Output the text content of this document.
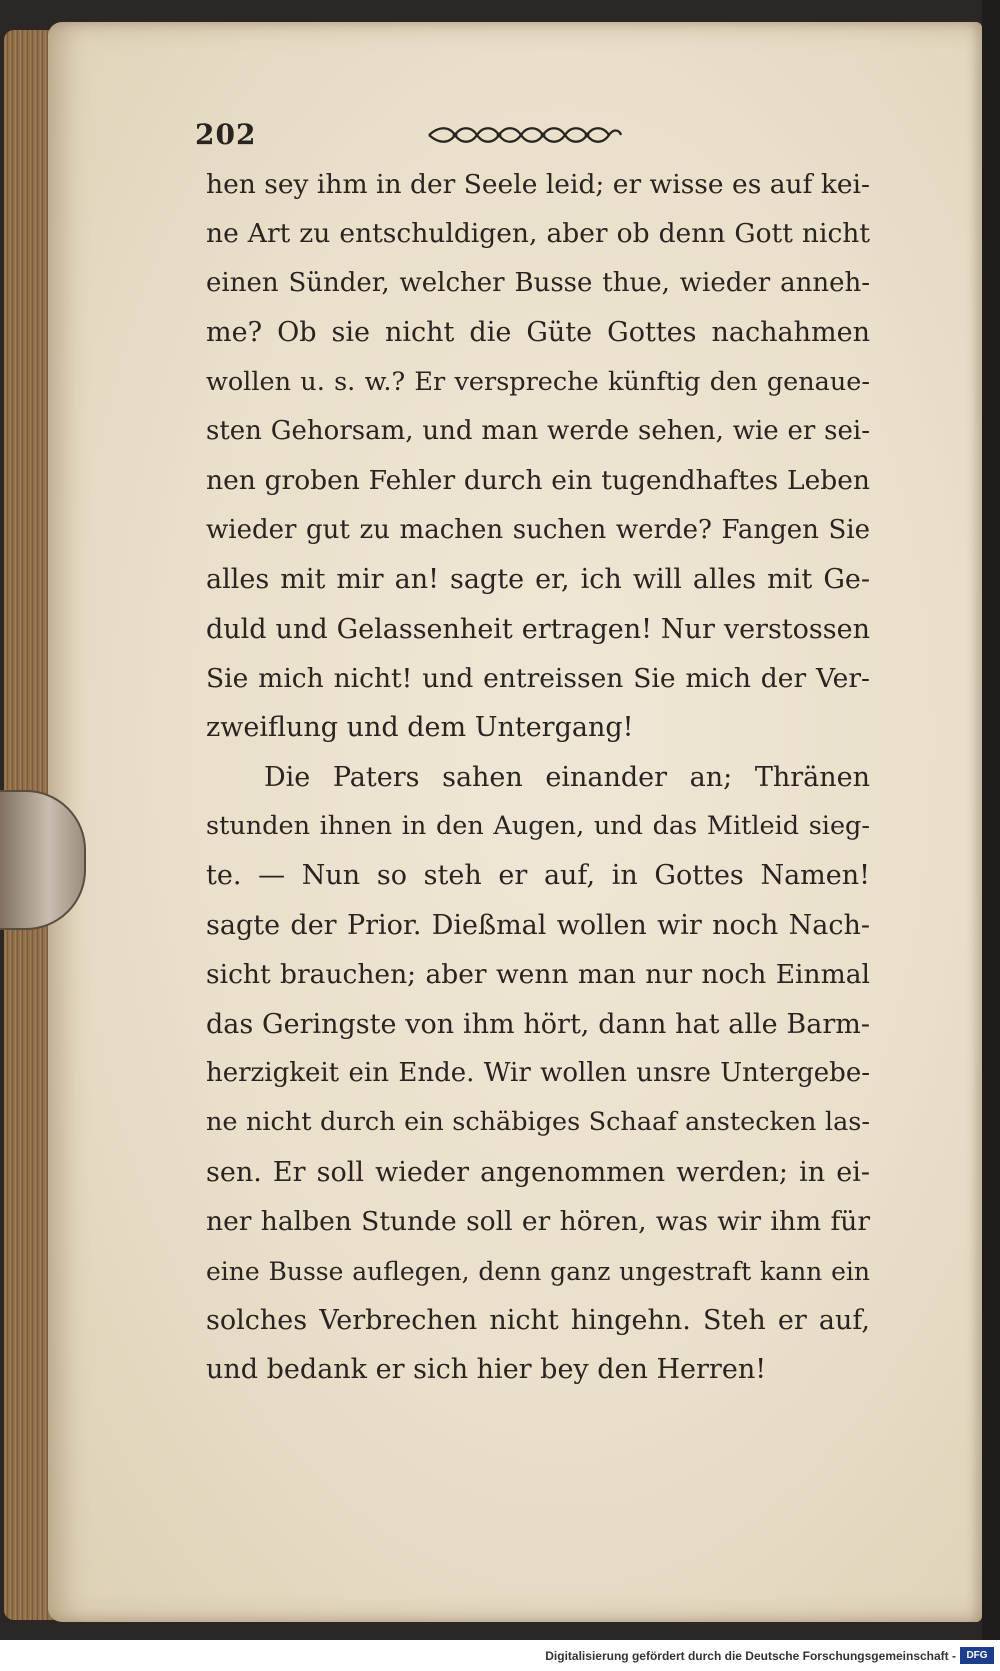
202
hen sey ihm in der Seele leid; er wisse es auf kei-
ne Art zu entschuldigen, aber ob denn Gott nicht
einen Sünder, welcher Busse thue, wieder anneh-
me? Ob sie nicht die Güte Gottes nachahmen
wollen u. s. w.? Er verspreche künftig den genaue-
sten Gehorsam, und man werde sehen, wie er sei-
nen groben Fehler durch ein tugendhaftes Leben
wieder gut zu machen suchen werde? Fangen Sie
alles mit mir an! sagte er, ich will alles mit Ge-
duld und Gelassenheit ertragen! Nur verstossen
Sie mich nicht! und entreissen Sie mich der Ver-
zweiflung und dem Untergang!
Die Paters sahen einander an; Thränen
stunden ihnen in den Augen, und das Mitleid sieg-
te. — Nun so steh er auf, in Gottes Namen!
sagte der Prior. Dießmal wollen wir noch Nach-
sicht brauchen; aber wenn man nur noch Einmal
das Geringste von ihm hört, dann hat alle Barm-
herzigkeit ein Ende. Wir wollen unsre Untergebe-
ne nicht durch ein schäbiges Schaaf anstecken las-
sen. Er soll wieder angenommen werden; in ei-
ner halben Stunde soll er hören, was wir ihm für
eine Busse auflegen, denn ganz ungestraft kann ein
solches Verbrechen nicht hingehn. Steh er auf,
und bedank er sich hier bey den Herren!
Digitalisierung gefördert durch die Deutsche Forschungsgemeinschaft -	DFG
